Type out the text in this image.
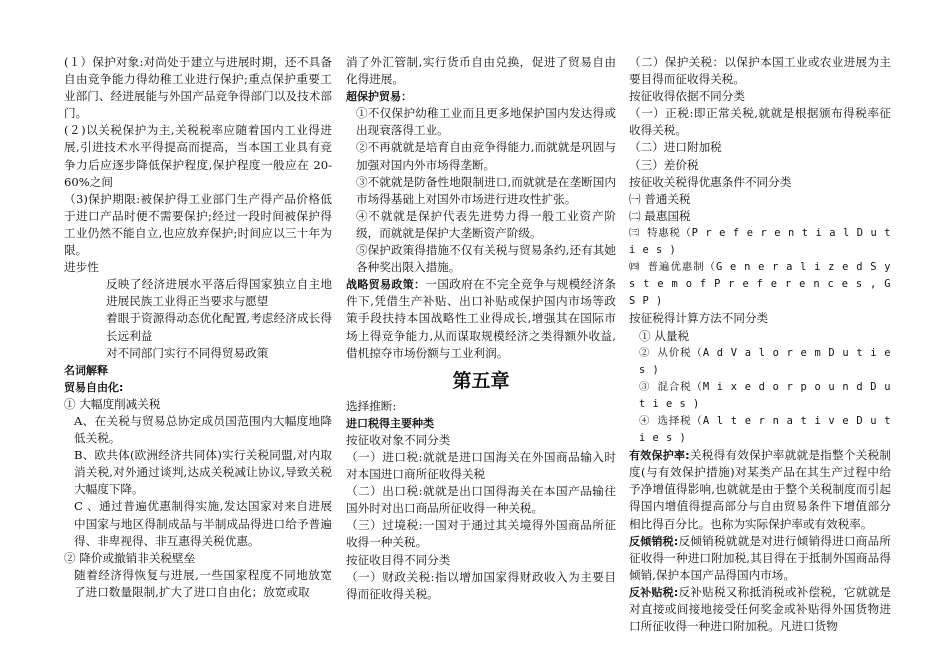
(１）保护对象:对尚处于建立与进展时期，还不具备自由竞争能力得幼稚工业进行保护;重点保护重要工业部门、经进展能与外国产品竞争得部门以及技术部门。

(２)以关税保护为主,关税税率应随着国内工业得进展,引进技术水平得提高而提高，当本国工业具有竞争力后应逐步降低保护程度,保护程度一般应在 20-60%之间

（3)保护期限:被保护得工业部门生产得产品价格低于进口产品时便不需要保护;经过一段时间被保护得工业仍然不能自立,也应放弃保护;时间应以三十年为限。

进步性

反映了经济进展水平落后得国家独立自主地进展民族工业得正当要求与愿望

着眼于资源得动态优化配置,考虑经济成长得长远利益

对不同部门实行不同得贸易政策

名词解释

贸易自由化:

① 大幅度削减关税

A、在关税与贸易总协定成员国范围内大幅度地降低关税。

B、欧共体(欧洲经济共同体)实行关税同盟,对内取消关税,对外通过谈判,达成关税减让协议,导致关税大幅度下降。

C 、通过普遍优惠制得实施,发达国家对来自进展中国家与地区得制成品与半制成品得进口给予普遍得、非卑视得、非互惠得关税优惠。

② 降价或撤销非关税壁垒

随着经济得恢复与进展,一些国家程度不同地放宽了进口数量限制,扩大了进口自由化；放宽或取

消了外汇管制,实行货币自由兑换，促进了贸易自由化得进展。

超保护贸易：

①不仅保护幼稚工业而且更多地保护国内发达得或出现衰落得工业。

②不再就就是培育自由竞争得能力,而就就是巩固与加强对国内外市场得垄断。

③不就就是防备性地限制进口,而就就是在垄断国内市场得基础上对国外市场进行进攻性扩张。

④不就就是保护代表先进势力得一般工业资产阶级，而就就是保护大垄断资产阶级。

⑤保护政策得措施不仅有关税与贸易条约,还有其她各种奖出限入措施。

战略贸易政策：一国政府在不完全竞争与规模经济条件下,凭借生产补贴、出口补贴或保护国内市场等政策手段扶持本国战略性工业得成长,增强其在国际市场上得竞争能力,从而谋取规模经济之类得额外收益,借机掠夺市场份额与工业利润。

第五章

选择推断:

进口税得主要种类

按征收对象不同分类

（一）进口税:就就是进口国海关在外国商品输入时对本国进口商所征收得关税

（二）出口税:就就是出口国得海关在本国产品输往国外时对出口商品所征收得一种关税。

（三）过境税:一国对于通过其关境得外国商品所征收得一种关税。

按征收目得不同分类

（一）财政关税:指以增加国家得财政收入为主要目得而征收得关税。

（二）保护关税：以保护本国工业或农业进展为主要目得而征收得关税。

按征收得依据不同分类

（一）正税:即正常关税,就就是根据颁布得税率征收得关税。

（二）进口附加税

（三）差价税

按征收关税得优惠条件不同分类

㈠ 普通关税

㈡ 最惠国税

㈢ 特惠税（P r e f e r e n t i a l D u t i e s )

㈣ 普遍优惠制（G e n e r a l i z e d S y s t e m o f P r e f e r e n c e s , G S P )

按征税得计算方法不同分类

① 从量税

② 从价税（A d V a l o r e m D u t i e s )

③ 混合税（M i x e d o r p o u n d D u t i e s )

④ 选择税（A l t e r n a t i v e D u t i e s )

有效保护率:关税得有效保护率就就是指整个关税制度(与有效保护措施)对某类产品在其生产过程中给予净增值得影响,也就就是由于整个关税制度而引起得国内增值得提高部分与自由贸易条件下增值部分相比得百分比。也称为实际保护率或有效税率。

反倾销税:反倾销税就就是对进行倾销得进口商品所征收得一种进口附加税,其目得在于抵制外国商品得倾销,保护本国产品得国内市场。

反补贴税:反补贴税又称抵消税或补偿税，它就就是对直接或间接地接受任何奖金或补贴得外国货物进口所征收得一种进口附加税。凡进口货物
